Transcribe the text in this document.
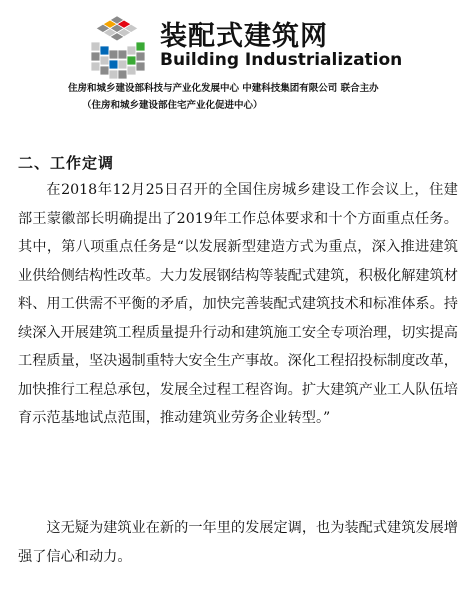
装配式建筑网
Building Industrialization
住房和城乡建设部科技与产业化发展中心 中建科技集团有限公司 联合主办
（住房和城乡建设部住宅产业化促进中心）
二、工作定调

在2018年12月25日召开的全国住房城乡建设工作会议上，住建部王蒙徽部长明确提出了2019年工作总体要求和十个方面重点任务。其中，第八项重点任务是“以发展新型建造方式为重点，深入推进建筑业供给侧结构性改革。大力发展钢结构等装配式建筑，积极化解建筑材料、用工供需不平衡的矛盾，加快完善装配式建筑技术和标准体系。持续深入开展建筑工程质量提升行动和建筑施工安全专项治理，切实提高工程质量，坚决遏制重特大安全生产事故。深化工程招投标制度改革，加快推行工程总承包，发展全过程工程咨询。扩大建筑产业工人队伍培育示范基地试点范围，推动建筑业劳务企业转型。”

这无疑为建筑业在新的一年里的发展定调，也为装配式建筑发展增强了信心和动力。
